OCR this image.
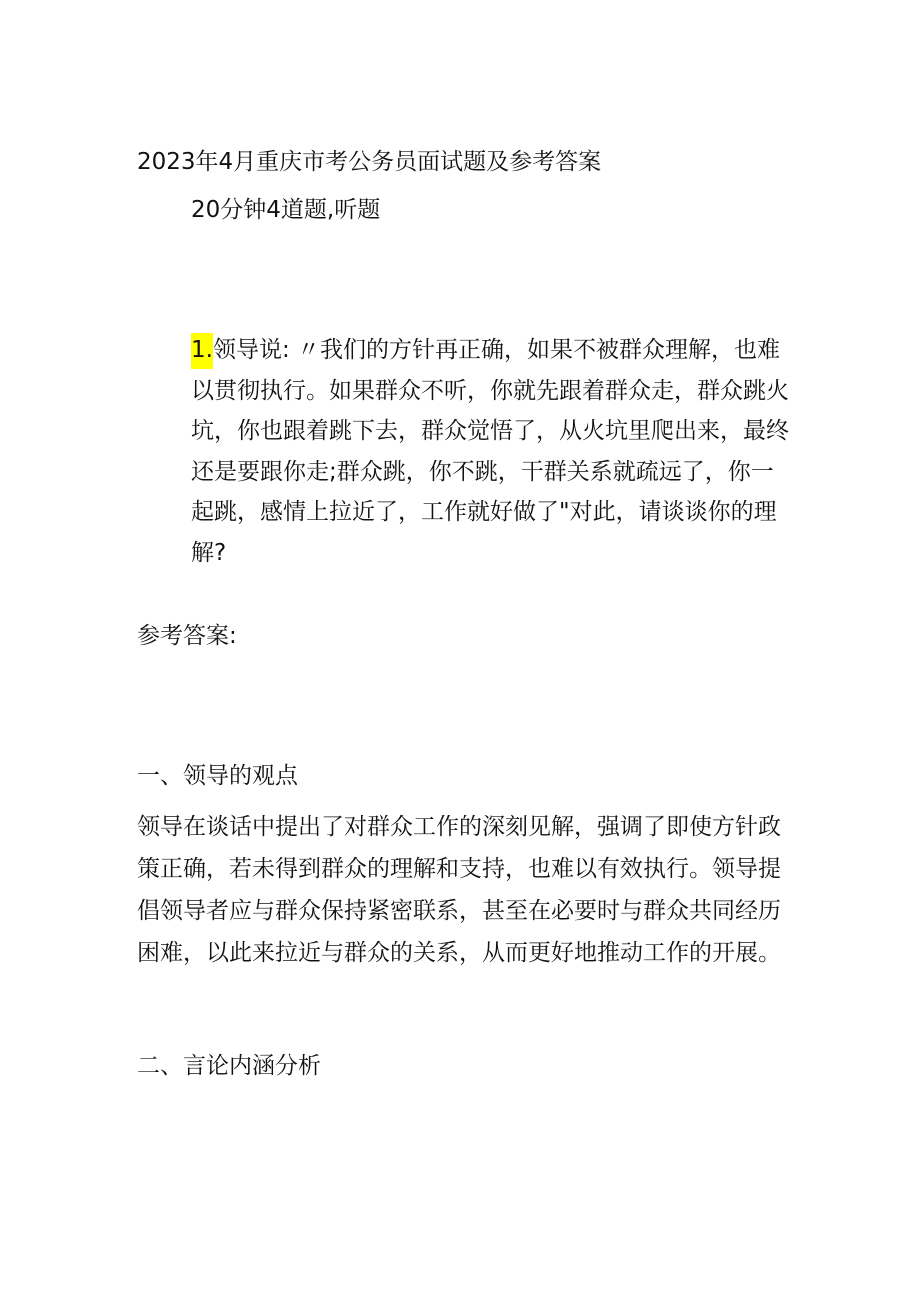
2023年4月重庆市考公务员面试题及参考答案
20分钟4道题,听题
1.领导说: 〃我们的方针再正确，如果不被群众理解，也难以贯彻执行。如果群众不听，你就先跟着群众走，群众跳火坑，你也跟着跳下去，群众觉悟了，从火坑里爬出来，最终还是要跟你走;群众跳，你不跳，干群关系就疏远了，你一起跳，感情上拉近了，工作就好做了"对此，请谈谈你的理解?
参考答案:
一、领导的观点
领导在谈话中提出了对群众工作的深刻见解，强调了即使方针政策正确，若未得到群众的理解和支持，也难以有效执行。领导提倡领导者应与群众保持紧密联系，甚至在必要时与群众共同经历困难，以此来拉近与群众的关系，从而更好地推动工作的开展。
二、言论内涵分析
